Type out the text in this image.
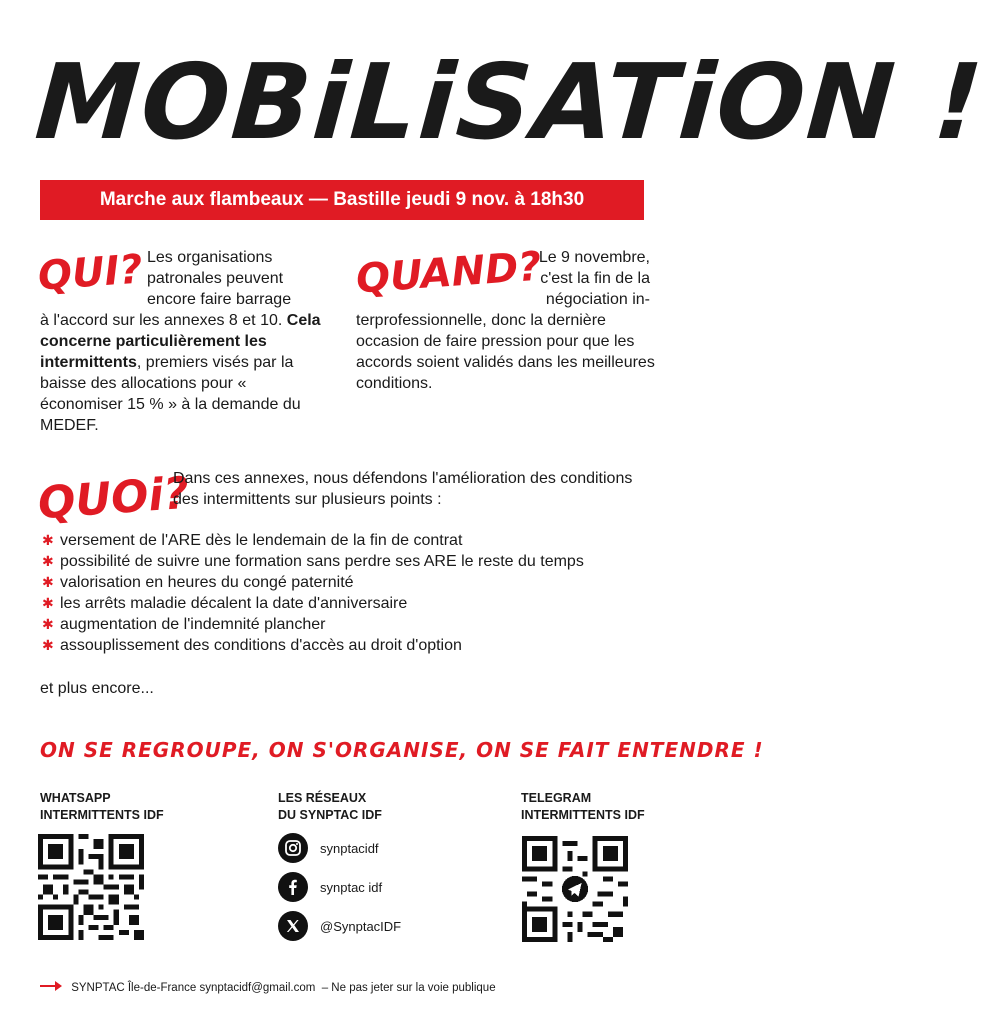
MOBiLiSATiON !
Marche aux flambeaux — Bastille jeudi 9 nov. à 18h30
QUI? Les organisations
patronales peuvent
encore faire barrage
à l'accord sur les annexes 8 et 10. Cela concerne particulièrement les intermittents, premiers visés par la baisse des allocations pour « économiser 15 % » à la demande du MEDEF.
QUAND?
Le 9 novembre,
c'est la fin de la
négociation in-
terprofessionnelle, donc la dernière occasion de faire pression pour que les accords soient validés dans les meilleures conditions.
QUOi?
Dans ces annexes, nous défendons l'amélioration des conditions des intermittents sur plusieurs points :
✱ versement de l'ARE dès le lendemain de la fin de contrat
✱ possibilité de suivre une formation sans perdre ses ARE le reste du temps
✱ valorisation en heures du congé paternité
✱ les arrêts maladie décalent la date d'anniversaire
✱ augmentation de l'indemnité plancher
✱ assouplissement des conditions d'accès au droit d'option
et plus encore...
ON SE REGROUPE, ON S'ORGANISE, ON SE FAIT ENTENDRE !
WHATSAPP
INTERMITTENTS IDF
LES RÉSEAUX
DU SYNPTAC IDF
synptacidf
synptac idf
@SynptacIDF
TELEGRAM
INTERMITTENTS IDF
SYNPTAC Île-de-France synptacidf@gmail.com – Ne pas jeter sur la voie publique
